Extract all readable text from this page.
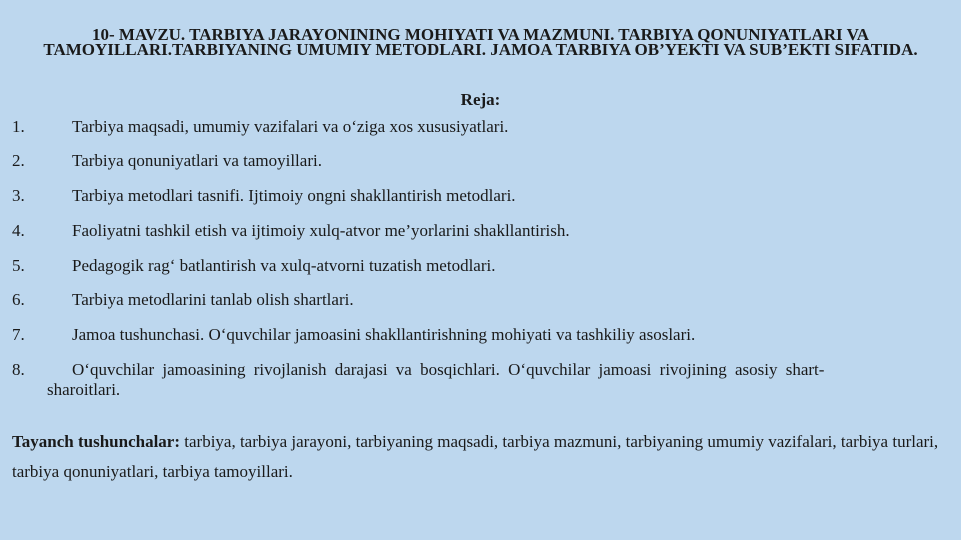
10- MAVZU. TARBIYA JARAYONINING MOHIYATI VA MAZMUNI. TARBIYA QONUNIYATLARI VA TAMOYILLARI.TARBIYANING UMUMIY METODLARI. JAMOA TARBIYA OB’YEKTI VA SUB’EKTI SIFATIDA.
Reja:
1.	Tarbiya maqsadi, umumiy vazifalari va o‘ziga xos xususiyatlari.
2.	Tarbiya qonuniyatlari va tamoyillari.
3.	Tarbiya metodlari tasnifi. Ijtimoiy ongni shakllantirish metodlari.
4.	Faoliyatni tashkil etish va ijtimoiy xulq-atvor me’yorlarini shakllantirish.
5.	Pedagogik rag‘ batlantirish va xulq-atvorni tuzatish metodlari.
6.	Tarbiya metodlarini tanlab olish shartlari.
7.	Jamoa tushunchasi. O‘quvchilar jamoasini shakllantirishning mohiyati va tashkiliy asoslari.
8.	O‘quvchilar jamoasining rivojlanish darajasi va bosqichlari. O‘quvchilar jamoasi rivojining asosiy shart-
sharoitlari.
Tayanch tushunchalar: tarbiya, tarbiya jarayoni, tarbiyaning maqsadi, tarbiya mazmuni, tarbiyaning umumiy vazifalari, tarbiya turlari, tarbiya qonuniyatlari, tarbiya tamoyillari.
